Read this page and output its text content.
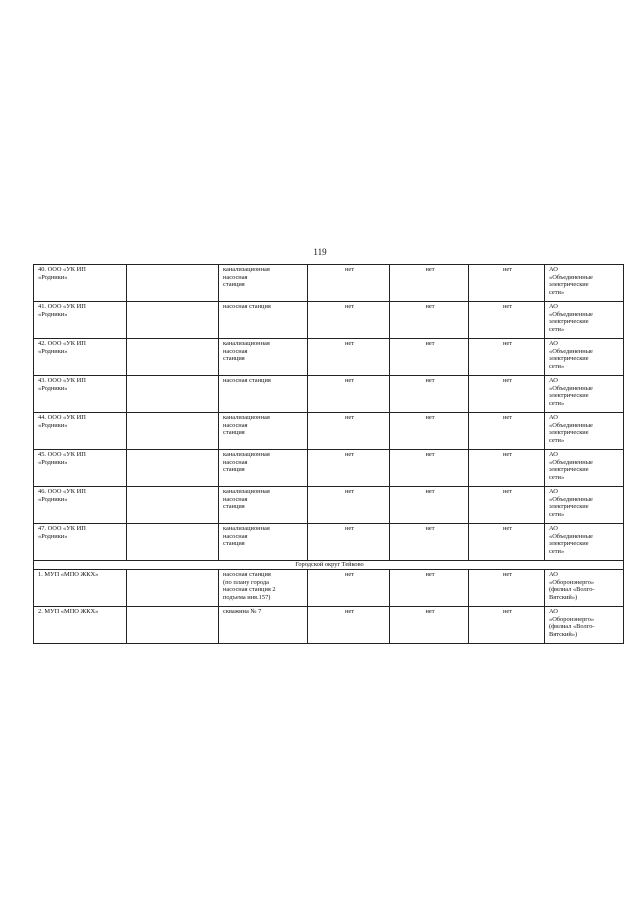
119
40. ООО «УК ИП
«Родники»		канализационная
насосная
станция	нет	нет	нет	АО
«Объединенные
электрические
сети»

41. ООО «УК ИП
«Родники»		насосная станция	нет	нет	нет	АО
«Объединенные
электрические
сети»

42. ООО «УК ИП
«Родники»		канализационная
насосная
станция	нет	нет	нет	АО
«Объединенные
электрические
сети»

43. ООО «УК ИП
«Родники»		насосная станция	нет	нет	нет	АО
«Объединенные
электрические
сети»

44. ООО «УК ИП
«Родники»		канализационная
насосная
станция	нет	нет	нет	АО
«Объединенные
электрические
сети»

45. ООО «УК ИП
«Родники»		канализационная
насосная
станция	нет	нет	нет	АО
«Объединенные
электрические
сети»

46. ООО «УК ИП
«Родники»		канализационная
насосная
станция	нет	нет	нет	АО
«Объединенные
электрические
сети»

47. ООО «УК ИП
«Родники»		канализационная
насосная
станция	нет	нет	нет	АО
«Объединенные
электрические
сети»

Городской округ Тейково						

1. МУП «МПО ЖКХ»		насосная станция
(по плану города
насосная станция 2
подъема инв.157)	нет	нет	нет	АО
«Оборонэнерго»
(филиал «Волго-
Вятский»)

2. МУП «МПО ЖКХ»		скважина № 7	нет	нет	нет	АО
«Оборонэнерго»
(филиал «Волго-
Вятский»)
